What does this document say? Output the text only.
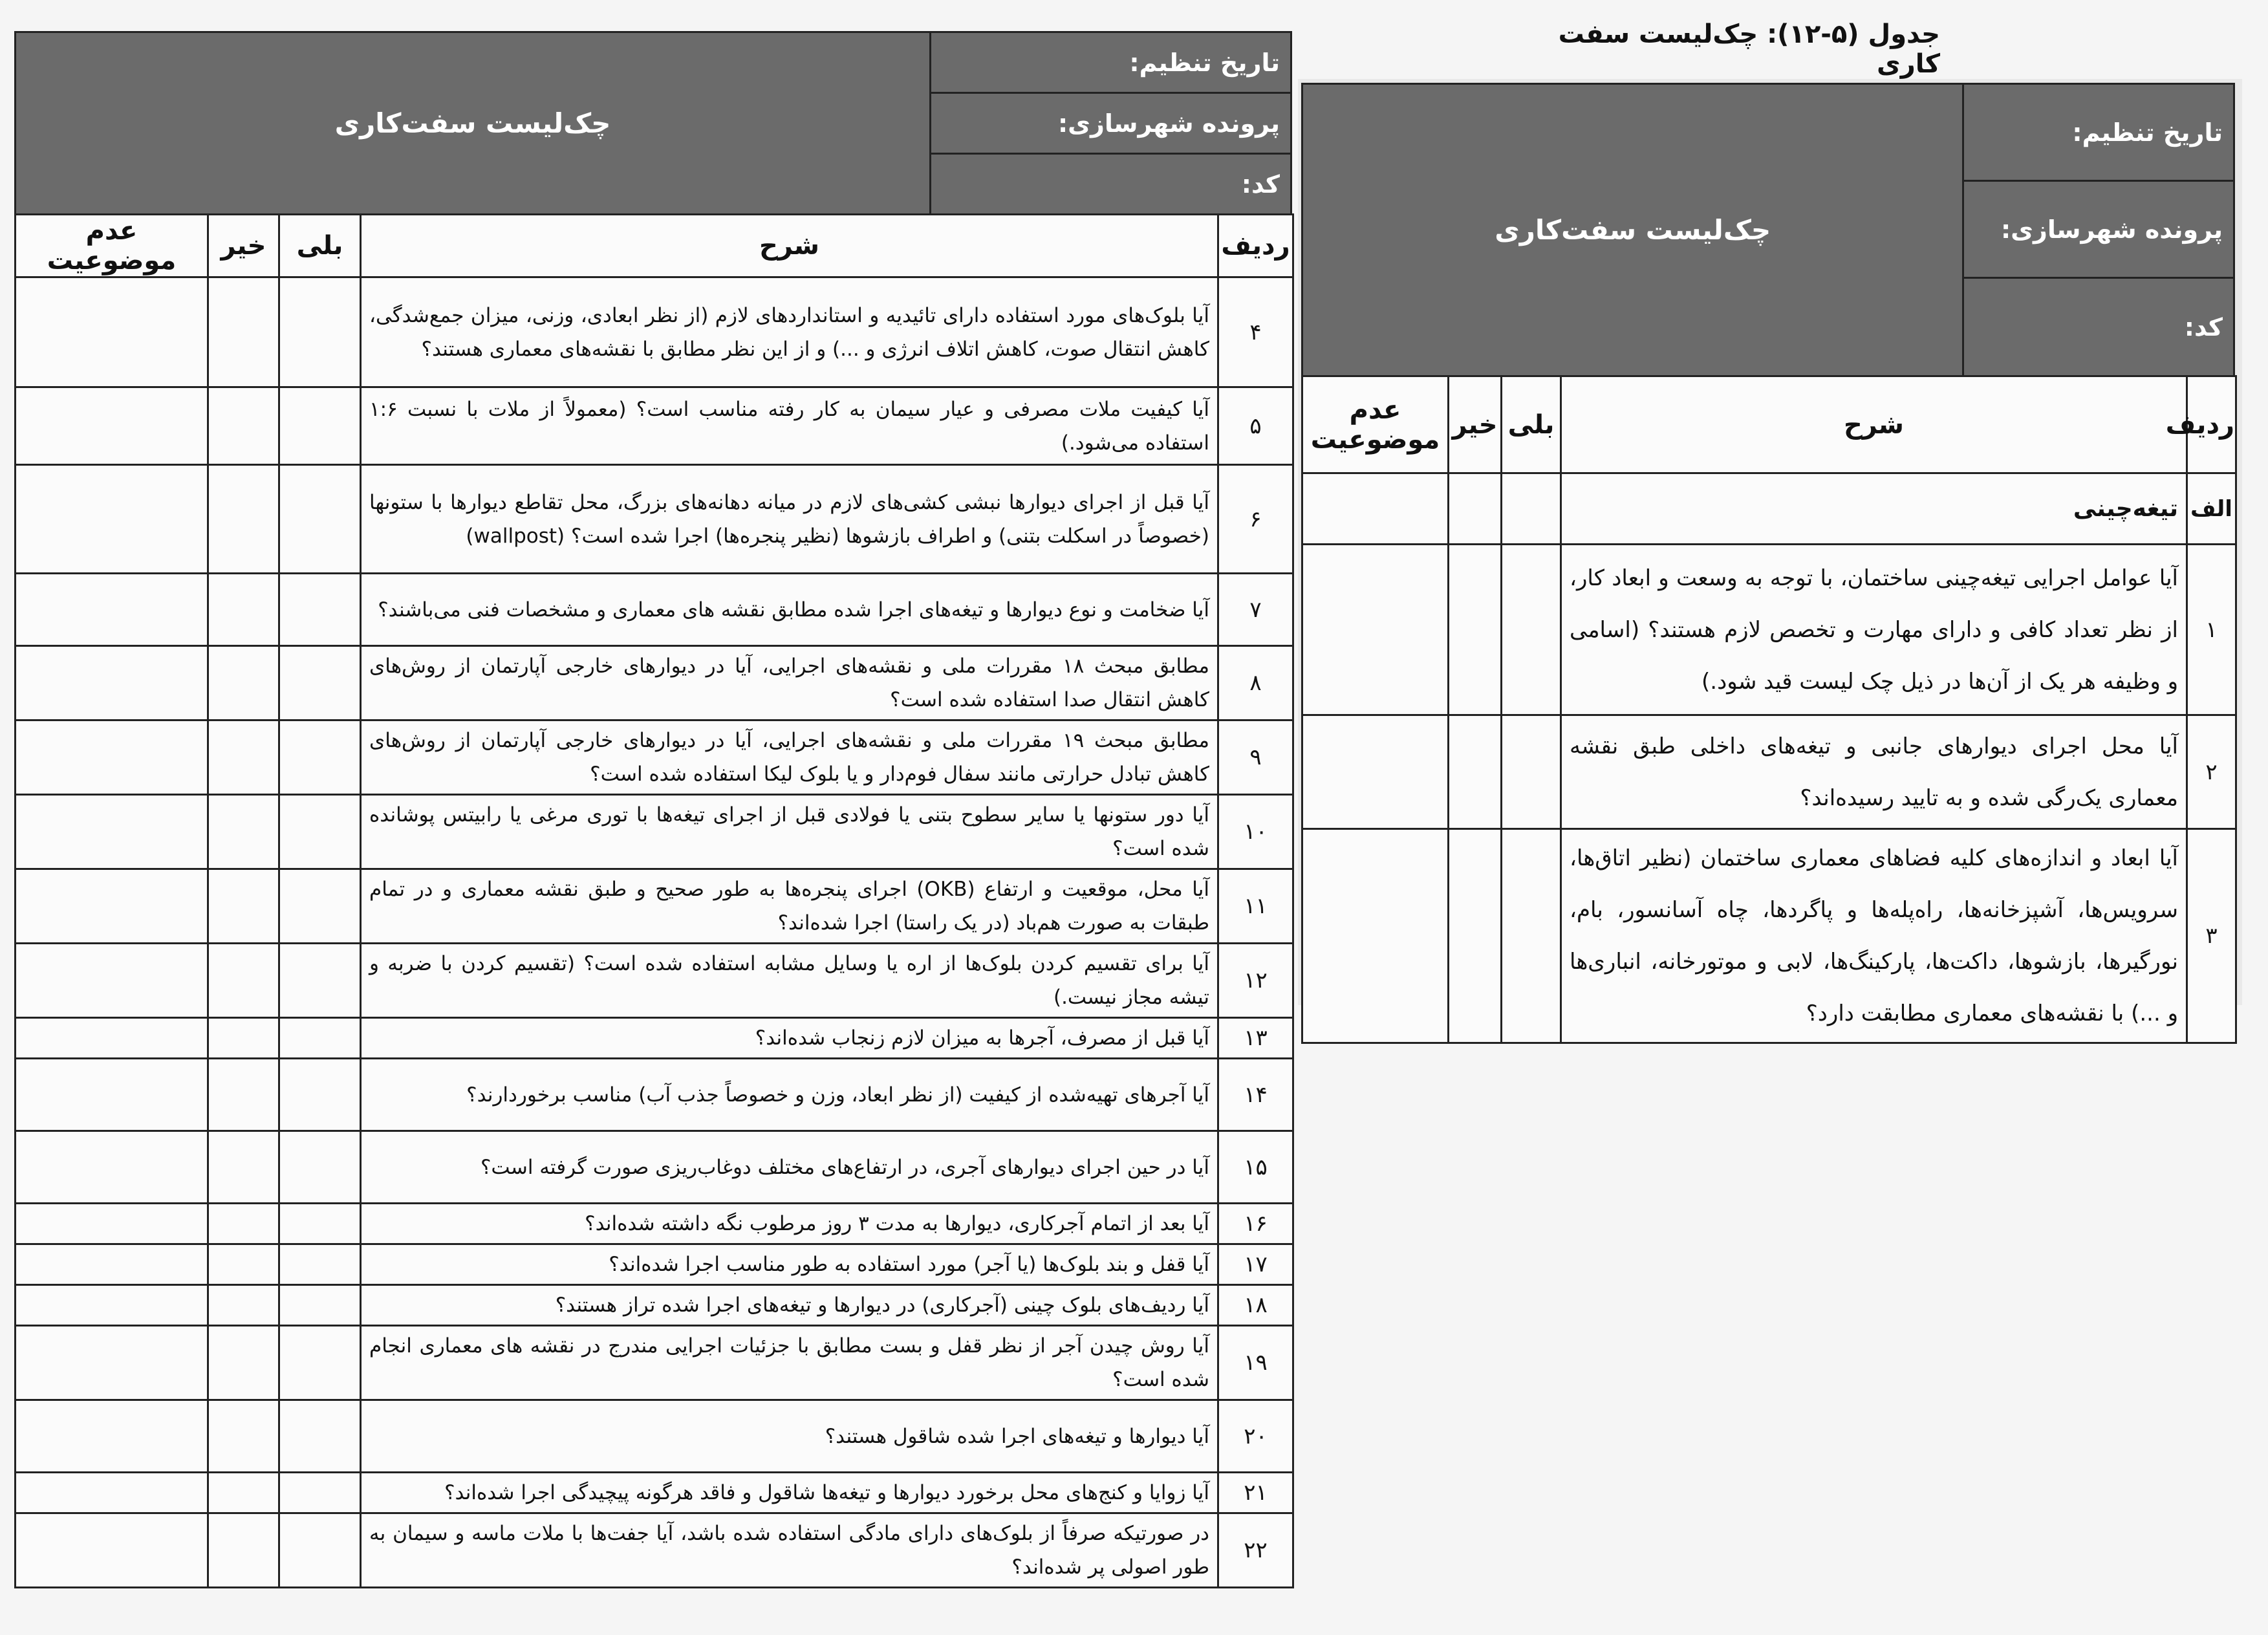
چک‌لیست سفت‌کاری	تاریخ تنظیم:
پرونده شهرسازی:
کد:
ردیف	شرح	بلی	خیر	عدم موضوعیت
۴	آیا بلوک‌های مورد استفاده دارای تائیدیه و استانداردهای لازم (از نظر ابعادی، وزنی، میزان جمع‌شدگی، کاهش انتقال صوت، کاهش اتلاف انرژی و ...) و از این نظر مطابق با نقشه‌های معماری هستند؟			
۵	آیا کیفیت ملات مصرفی و عیار سیمان به کار رفته مناسب است؟ (معمولاً از ملات با نسبت ۱:۶ استفاده می‌شود.)			
۶	آیا قبل از اجرای دیوارها نبشی کشی‌های لازم در میانه دهانه‌های بزرگ، محل تقاطع دیوارها با ستونها (خصوصاً در اسکلت بتنی) و اطراف بازشوها (نظیر پنجره‌ها) اجرا شده است؟ (wallpost)			
۷	آیا ضخامت و نوع دیوارها و تیغه‌های اجرا شده مطابق نقشه های معماری و مشخصات فنی می‌باشند؟			
۸	مطابق مبحث ۱۸ مقررات ملی و نقشه‌های اجرایی، آیا در دیوارهای خارجی آپارتمان از روش‌های کاهش انتقال صدا استفاده شده است؟			
۹	مطابق مبحث ۱۹ مقررات ملی و نقشه‌های اجرایی، آیا در دیوارهای خارجی آپارتمان از روش‌های کاهش تبادل حرارتی مانند سفال فوم‌دار و یا بلوک لیکا استفاده شده است؟			
۱۰	آیا دور ستونها یا سایر سطوح بتنی یا فولادی قبل از اجرای تیغه‌ها با توری مرغی یا رابیتس پوشانده شده است؟			
۱۱	آیا محل، موقعیت و ارتفاع (OKB) اجرای پنجره‌ها به طور صحیح و طبق نقشه معماری و در تمام طبقات به صورت هم‌باد (در یک راستا) اجرا شده‌اند؟			
۱۲	آیا برای تقسیم کردن بلوک‌ها از اره یا وسایل مشابه استفاده شده است؟ (تقسیم کردن با ضربه و تیشه مجاز نیست.)			
۱۳	آیا قبل از مصرف، آجرها به میزان لازم زنجاب شده‌اند؟			
۱۴	آیا آجرهای تهیه‌شده از کیفیت (از نظر ابعاد، وزن و خصوصاً جذب آب) مناسب برخوردارند؟			
۱۵	آیا در حین اجرای دیوارهای آجری، در ارتفاع‌های مختلف دوغاب‌ریزی صورت گرفته است؟			
۱۶	آیا بعد از اتمام آجرکاری، دیوارها به مدت ۳ روز مرطوب نگه داشته شده‌اند؟			
۱۷	آیا قفل و بند بلوک‌ها (یا آجر) مورد استفاده به طور مناسب اجرا شده‌اند؟			
۱۸	آیا ردیف‌های بلوک چینی (آجرکاری) در دیوارها و تیغه‌های اجرا شده تراز هستند؟			
۱۹	آیا روش چیدن آجر از نظر قفل و بست مطابق با جزئیات اجرایی مندرج در نقشه های معماری انجام شده است؟			
۲۰	آیا دیوارها و تیغه‌های اجرا شده شاقول هستند؟			
۲۱	آیا زوایا و کنج‌های محل برخورد دیوارها و تیغه‌ها شاقول و فاقد هرگونه پیچیدگی اجرا شده‌اند؟			
۲۲	در صورتیکه صرفاً از بلوک‌های دارای مادگی استفاده شده باشد، آیا جفت‌ها با ملات ماسه و سیمان به طور اصولی پر شده‌اند؟			
جدول (۵-۱۲): چک‌لیست سفت کاری
چک‌لیست سفت‌کاری	تاریخ تنظیم:
پرونده شهرسازی:
کد:
ردیف	شرح	بلی	خیر	عدم موضوعیت
الف	تیغه‌چینی			
۱	آیا عوامل اجرایی تیغه‌چینی ساختمان، با توجه به وسعت و ابعاد کار، از نظر تعداد کافی و دارای مهارت و تخصص لازم هستند؟ (اسامی و وظیفه هر یک از آن‌ها در ذیل چک لیست قید شود.)			
۲	آیا محل اجرای دیوارهای جانبی و تیغه‌های داخلی طبق نقشه معماری یک‌رگی شده و به تایید رسیده‌اند؟			
۳	آیا ابعاد و اندازه‌های کلیه فضاهای معماری ساختمان (نظیر اتاق‌ها، سرویس‌ها، آشپزخانه‌ها، راه‌پله‌ها و پاگردها، چاه آسانسور، بام، نورگیرها، بازشوها، داکت‌ها، پارکینگ‌ها، لابی و موتورخانه، انباری‌ها و ...) با نقشه‌های معماری مطابقت دارد؟			
